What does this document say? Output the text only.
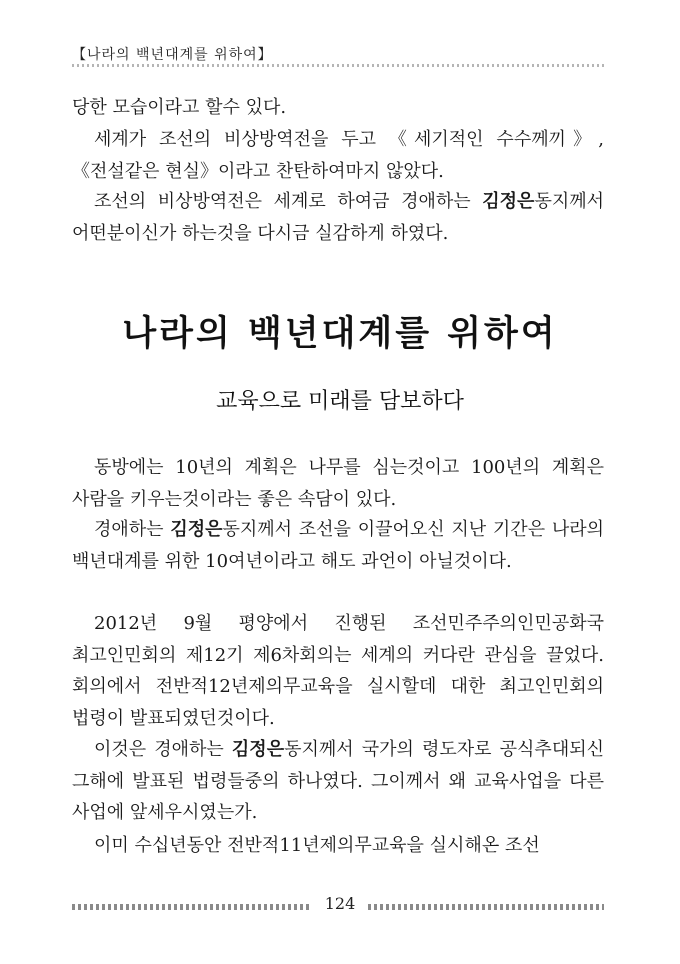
【나라의 백년대계를 위하여】

당한 모습이라고 할수 있다.

세계가 조선의 비상방역전을 두고 《세기적인 수수께끼》, 《전설같은 현실》이라고 찬탄하여마지 않았다.

조선의 비상방역전은 세계로 하여금 경애하는 김정은동지께서 어떤분이신가 하는것을 다시금 실감하게 하였다.

나라의 백년대계를 위하여
교육으로 미래를 담보하다

동방에는 10년의 계획은 나무를 심는것이고 100년의 계획은 사람을 키우는것이라는 좋은 속담이 있다.

경애하는 김정은동지께서 조선을 이끌어오신 지난 기간은 나라의 백년대계를 위한 10여년이라고 해도 과언이 아닐것이다.

2012년 9월 평양에서 진행된 조선민주주의인민공화국 최고인민회의 제12기 제6차회의는 세계의 커다란 관심을 끌었다. 회의에서 전반적12년제의무교육을 실시할데 대한 최고인민회의 법령이 발표되였던것이다.

이것은 경애하는 김정은동지께서 국가의 령도자로 공식추대되신 그해에 발표된 법령들중의 하나였다. 그이께서 왜 교육사업을 다른 사업에 앞세우시였는가.

이미 수십년동안 전반적11년제의무교육을 실시해온 조선

124
